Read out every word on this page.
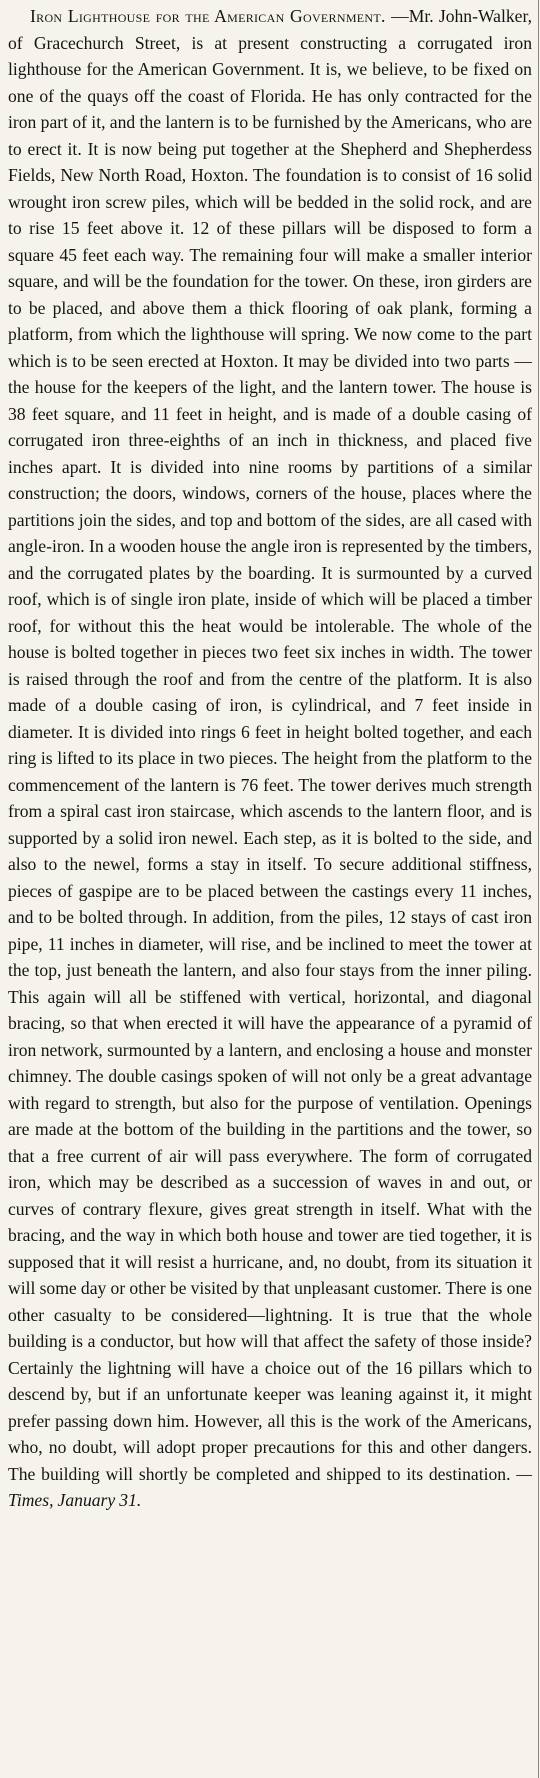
Iron Lighthouse for the American Government. —Mr. John-Walker, of Gracechurch Street, is at present constructing a corrugated iron lighthouse for the American Government. It is, we believe, to be fixed on one of the quays off the coast of Florida. He has only contracted for the iron part of it, and the lantern is to be furnished by the Americans, who are to erect it. It is now being put together at the Shepherd and Shepherdess Fields, New North Road, Hoxton. The foundation is to consist of 16 solid wrought iron screw piles, which will be bedded in the solid rock, and are to rise 15 feet above it. 12 of these pillars will be disposed to form a square 45 feet each way. The remaining four will make a smaller interior square, and will be the foundation for the tower. On these, iron girders are to be placed, and above them a thick flooring of oak plank, forming a platform, from which the lighthouse will spring. We now come to the part which is to be seen erected at Hoxton. It may be divided into two parts —the house for the keepers of the light, and the lantern tower. The house is 38 feet square, and 11 feet in height, and is made of a double casing of corrugated iron three-eighths of an inch in thickness, and placed five inches apart. It is divided into nine rooms by partitions of a similar construction; the doors, windows, corners of the house, places where the partitions join the sides, and top and bottom of the sides, are all cased with angle-iron. In a wooden house the angle iron is represented by the timbers, and the corrugated plates by the boarding. It is surmounted by a curved roof, which is of single iron plate, inside of which will be placed a timber roof, for without this the heat would be intolerable. The whole of the house is bolted together in pieces two feet six inches in width. The tower is raised through the roof and from the centre of the platform. It is also made of a double casing of iron, is cylindrical, and 7 feet inside in diameter. It is divided into rings 6 feet in height bolted together, and each ring is lifted to its place in two pieces. The height from the platform to the commencement of the lantern is 76 feet. The tower derives much strength from a spiral cast iron staircase, which ascends to the lantern floor, and is supported by a solid iron newel. Each step, as it is bolted to the side, and also to the newel, forms a stay in itself. To secure additional stiffness, pieces of gaspipe are to be placed between the castings every 11 inches, and to be bolted through. In addition, from the piles, 12 stays of cast iron pipe, 11 inches in diameter, will rise, and be inclined to meet the tower at the top, just beneath the lantern, and also four stays from the inner piling. This again will all be stiffened with vertical, horizontal, and diagonal bracing, so that when erected it will have the appearance of a pyramid of iron network, surmounted by a lantern, and enclosing a house and monster chimney. The double casings spoken of will not only be a great advantage with regard to strength, but also for the purpose of ventilation. Openings are made at the bottom of the building in the partitions and the tower, so that a free current of air will pass everywhere. The form of corrugated iron, which may be described as a succession of waves in and out, or curves of contrary flexure, gives great strength in itself. What with the bracing, and the way in which both house and tower are tied together, it is supposed that it will resist a hurricane, and, no doubt, from its situation it will some day or other be visited by that unpleasant customer. There is one other casualty to be considered—lightning. It is true that the whole building is a conductor, but how will that affect the safety of those inside? Certainly the lightning will have a choice out of the 16 pillars which to descend by, but if an unfortunate keeper was leaning against it, it might prefer passing down him. However, all this is the work of the Americans, who, no doubt, will adopt proper precautions for this and other dangers. The building will shortly be completed and shipped to its destination. —Times, January 31.
